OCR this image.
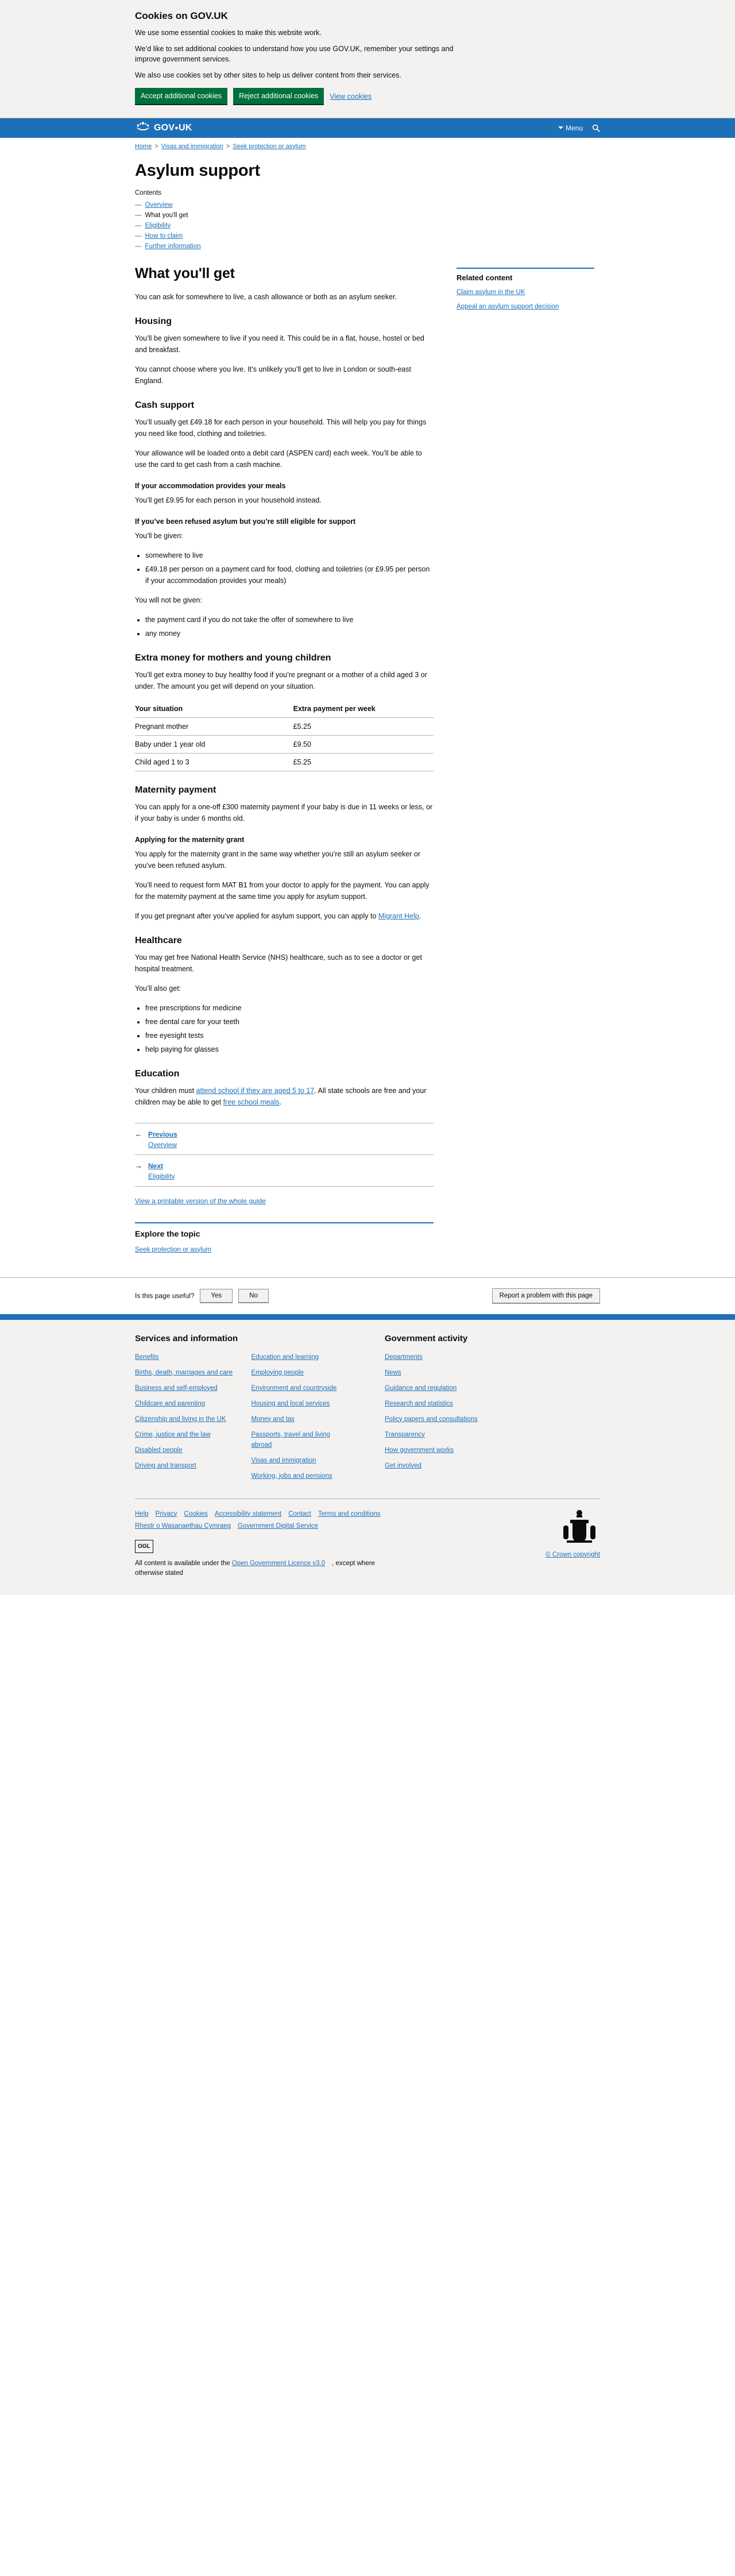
Cookies on GOV.UK

We use some essential cookies to make this website work.

We’d like to set additional cookies to understand how you use GOV.UK, remember your settings and improve government services.

We also use cookies set by other sites to help us deliver content from their services.

Accept additional cookies	Reject additional cookies	View cookies
GOV●UK	Menu
Home > Visas and immigration > Seek protection or asylum
Asylum support
Contents
— Overview
— What you'll get
— Eligibility
— How to claim
— Further information
What you'll get

You can ask for somewhere to live, a cash allowance or both as an asylum seeker.

Housing

You’ll be given somewhere to live if you need it. This could be in a flat, house, hostel or bed and breakfast.

You cannot choose where you live. It’s unlikely you’ll get to live in London or south-east England.

Cash support

You’ll usually get £49.18 for each person in your household. This will help you pay for things you need like food, clothing and toiletries.

Your allowance will be loaded onto a debit card (ASPEN card) each week. You’ll be able to use the card to get cash from a cash machine.

If your accommodation provides your meals

You’ll get £9.95 for each person in your household instead.

If you’ve been refused asylum but you’re still eligible for support

You’ll be given:

• somewhere to live
• £49.18 per person on a payment card for food, clothing and toiletries (or £9.95 per person if your accommodation provides your meals)

You will not be given:

• the payment card if you do not take the offer of somewhere to live
• any money
Extra money for mothers and young children

You’ll get extra money to buy healthy food if you’re pregnant or a mother of a child aged 3 or under. The amount you get will depend on your situation.

Your situation	Extra payment per week
Pregnant mother	£5.25
Baby under 1 year old	£9.50
Child aged 1 to 3	£5.25
Maternity payment

You can apply for a one-off £300 maternity payment if your baby is due in 11 weeks or less, or if your baby is under 6 months old.

Applying for the maternity grant

You apply for the maternity grant in the same way whether you’re still an asylum seeker or you’ve been refused asylum.

You’ll need to request form MAT B1 from your doctor to apply for the payment. You can apply for the maternity payment at the same time you apply for asylum support.

If you get pregnant after you’ve applied for asylum support, you can apply to Migrant Help.

Healthcare

You may get free National Health Service (NHS) healthcare, such as to see a doctor or get hospital treatment.

You’ll also get:

• free prescriptions for medicine
• free dental care for your teeth
• free eyesight tests
• help paying for glasses
Education

Your children must attend school if they are aged 5 to 17. All state schools are free and your children may be able to get free school meals.

← Previous
Overview
→ Next
Eligibility
View a printable version of the whole guide
Explore the topic
Seek protection or asylum
Related content
Claim asylum in the UK
Appeal an asylum support decision
Is this page useful?	Yes	No	Report a problem with this page
Services and information
Benefits
Births, death, marriages and care
Business and self-employed
Childcare and parenting
Citizenship and living in the UK
Crime, justice and the law
Disabled people
Driving and transport
Education and learning
Employing people
Environment and countryside
Housing and local services
Money and tax
Passports, travel and living abroad
Visas and immigration
Working, jobs and pensions
Government activity
Departments
News
Guidance and regulation
Research and statistics
Policy papers and consultations
Transparency
How government works
Get involved
Help Privacy Cookies Accessibility statement Contact Terms and conditions
Rhestr o Wasanaethau Cymraeg Government Digital Service
OGL

All content is available under the Open Government Licence v3.0 , except where otherwise stated

© Crown copyright
